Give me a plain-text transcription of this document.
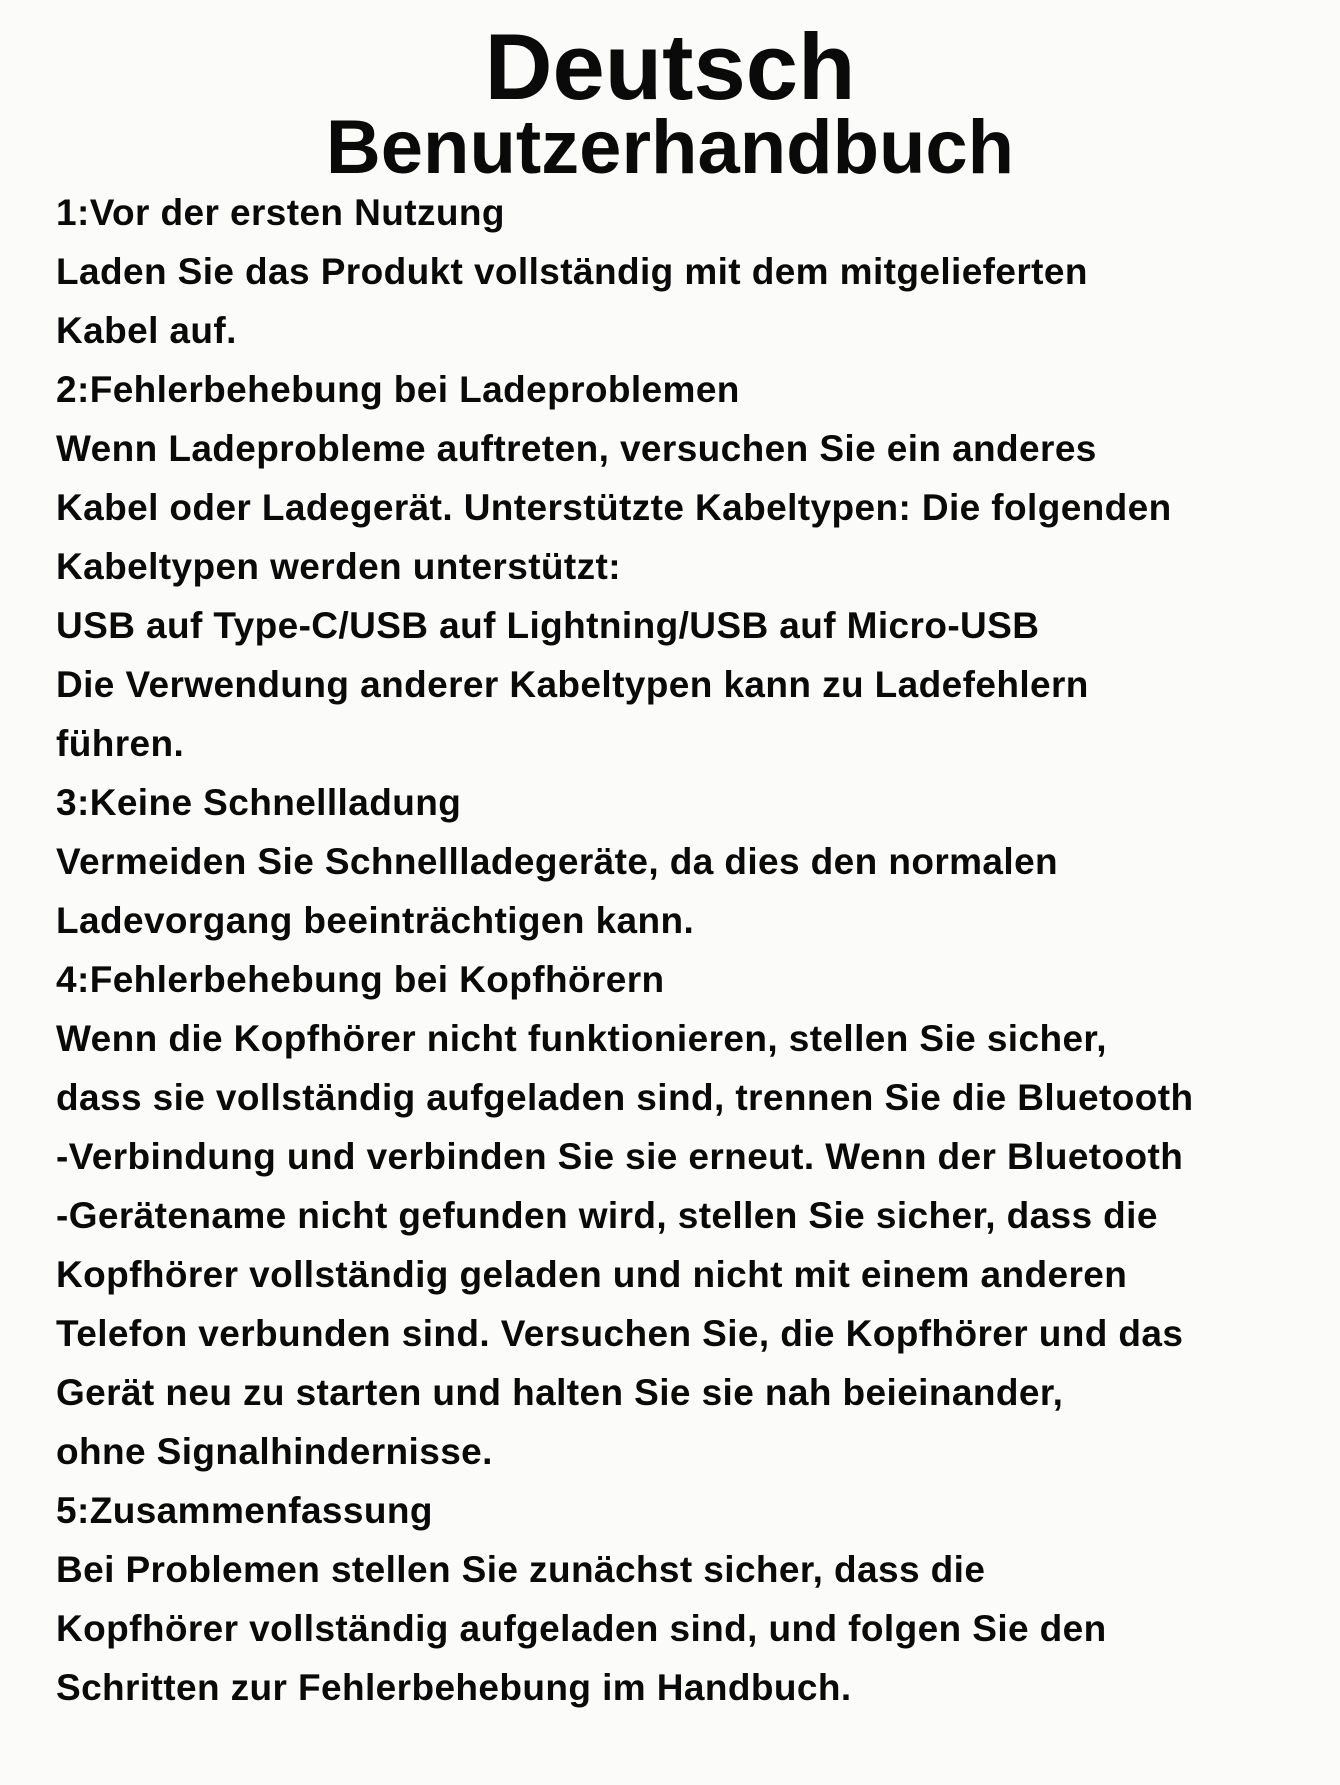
Deutsch
Benutzerhandbuch

1:Vor der ersten Nutzung

Laden Sie das Produkt vollständig mit dem mitgelieferten

Kabel auf.

2:Fehlerbehebung bei Ladeproblemen

Wenn Ladeprobleme auftreten, versuchen Sie ein anderes

Kabel oder Ladegerät. Unterstützte Kabeltypen: Die folgenden

Kabeltypen werden unterstützt:

USB auf Type-C/USB auf Lightning/USB auf Micro-USB

Die Verwendung anderer Kabeltypen kann zu Ladefehlern

führen.

3:Keine Schnellladung

Vermeiden Sie Schnellladegeräte, da dies den normalen

Ladevorgang beeinträchtigen kann.

4:Fehlerbehebung bei Kopfhörern

Wenn die Kopfhörer nicht funktionieren, stellen Sie sicher,

dass sie vollständig aufgeladen sind, trennen Sie die Bluetooth

-Verbindung und verbinden Sie sie erneut. Wenn der Bluetooth

-Gerätename nicht gefunden wird, stellen Sie sicher, dass die

Kopfhörer vollständig geladen und nicht mit einem anderen

Telefon verbunden sind. Versuchen Sie, die Kopfhörer und das

Gerät neu zu starten und halten Sie sie nah beieinander,

ohne Signalhindernisse.

5:Zusammenfassung

Bei Problemen stellen Sie zunächst sicher, dass die

Kopfhörer vollständig aufgeladen sind, und folgen Sie den

Schritten zur Fehlerbehebung im Handbuch.
